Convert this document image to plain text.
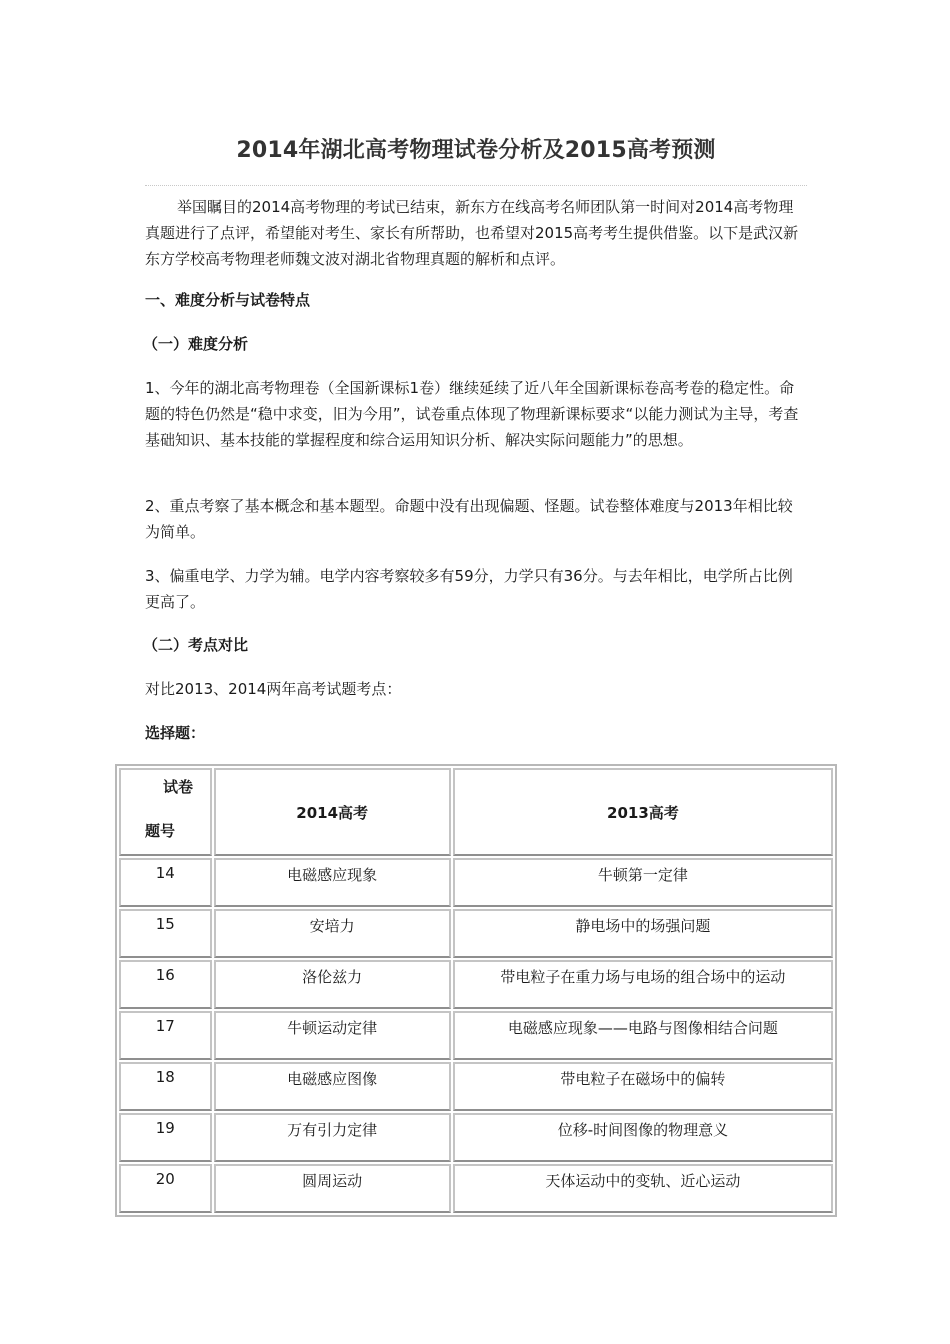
2014年湖北高考物理试卷分析及2015高考预测

举国瞩目的2014高考物理的考试已结束，新东方在线高考名师团队第一时间对2014高考物理真题进行了点评，希望能对考生、家长有所帮助，也希望对2015高考考生提供借鉴。以下是武汉新东方学校高考物理老师魏文波对湖北省物理真题的解析和点评。

一、难度分析与试卷特点

（一）难度分析

1、今年的湖北高考物理卷（全国新课标1卷）继续延续了近八年全国新课标卷高考卷的稳定性。命题的特色仍然是“稳中求变，旧为今用”，试卷重点体现了物理新课标要求“以能力测试为主导，考查基础知识、基本技能的掌握程度和综合运用知识分析、解决实际问题能力”的思想。

2、重点考察了基本概念和基本题型。命题中没有出现偏题、怪题。试卷整体难度与2013年相比较为简单。

3、偏重电学、力学为辅。电学内容考察较多有59分，力学只有36分。与去年相比，电学所占比例更高了。

（二）考点对比

对比2013、2014两年高考试题考点：

选择题：

试卷
题号	2014高考	2013高考
14	电磁感应现象	牛顿第一定律
15	安培力	静电场中的场强问题
16	洛伦兹力	带电粒子在重力场与电场的组合场中的运动
17	牛顿运动定律	电磁感应现象——电路与图像相结合问题
18	电磁感应图像	带电粒子在磁场中的偏转
19	万有引力定律	位移-时间图像的物理意义
20	圆周运动	天体运动中的变轨、近心运动
